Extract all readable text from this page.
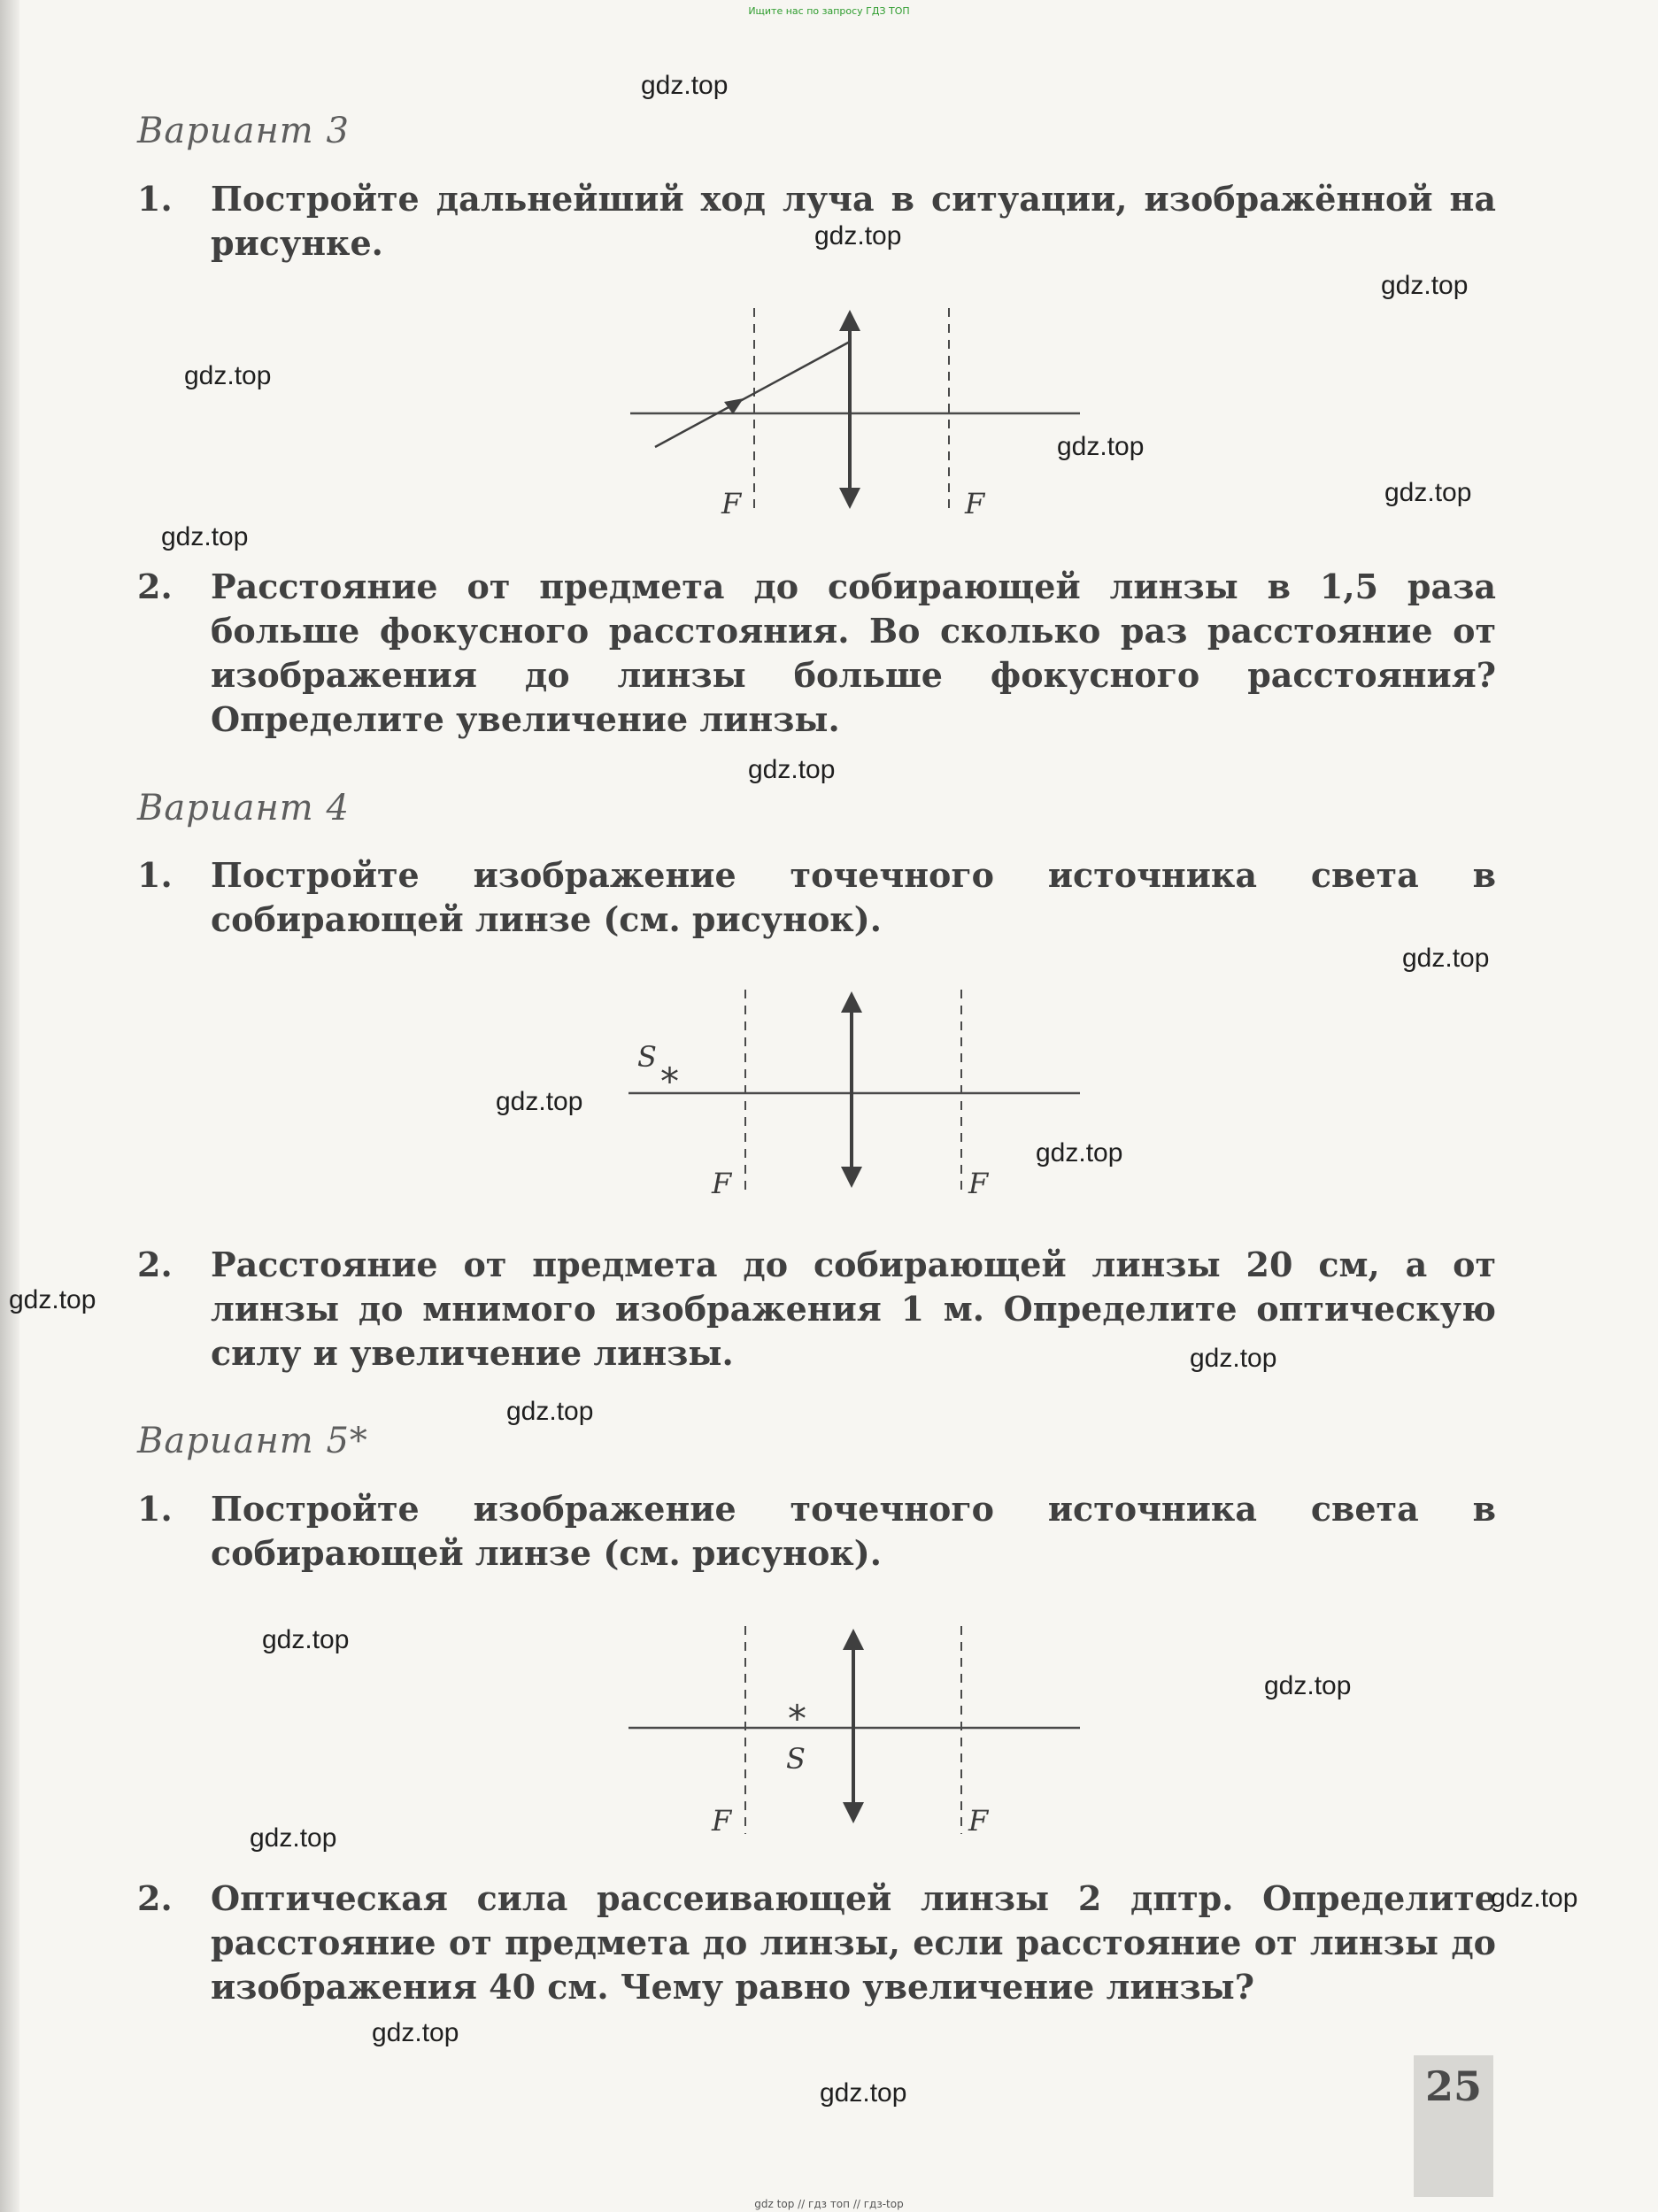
Ищите нас по запросу ГДЗ ТОП
Вариант 3
1. Постройте дальнейший ход луча в ситуации, изображённой на рисунке.
F	F
2. Расстояние от предмета до собирающей линзы в 1,5 раза больше фокусного расстояния. Во сколько раз расстояние от изображения до линзы больше фокусного расстояния? Определите увеличение линзы.
Вариант 4
1. Постройте изображение точечного источника света в собирающей линзе (см. рисунок).
*
S
F	F
2. Расстояние от предмета до собирающей линзы 20 см, а от линзы до мнимого изображения 1 м. Определите оптическую силу и увеличение линзы.
Вариант 5*
1. Постройте изображение точечного источника света в собирающей линзе (см. рисунок).
*
S
F	F
2. Оптическая сила рассеивающей линзы 2 дптр. Определите расстояние от предмета до линзы, если расстояние от линзы до изображения 40 см. Чему равно увеличение линзы?
25
gdz.top
gdz.top
gdz.top
gdz.top
gdz.top
gdz.top
gdz.top
gdz.top
gdz.top
gdz.top
gdz.top
gdz.top
gdz.top
gdz.top
gdz.top
gdz.top
gdz.top
gdz.top
gdz.top
gdz.top
gdz top // гдз топ // гдз-top
